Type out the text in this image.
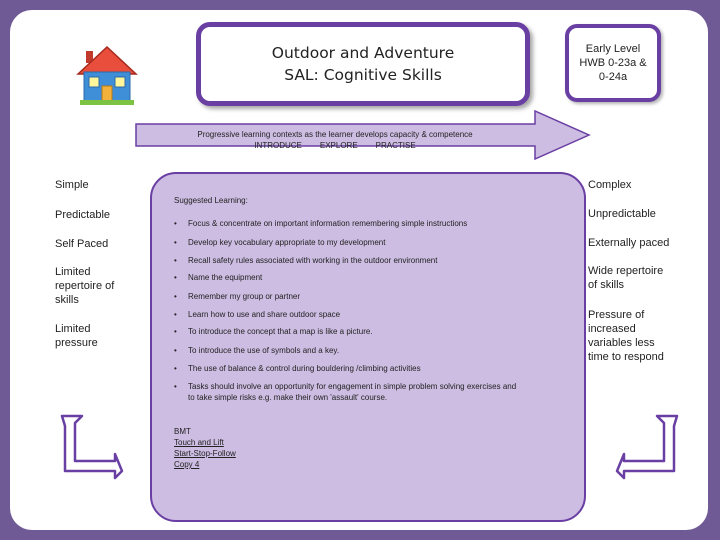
Outdoor and Adventure
SAL: Cognitive Skills
Early Level
HWB 0-23a &
0-24a
Progressive learning contexts as the learner develops capacity & competence
INTRODUCE EXPLORE PRACTISE
Simple
Predictable
Self Paced
Limited
repertoire of
skills
Limited
pressure
Complex
Unpredictable
Externally paced
Wide repertoire
of skills
Pressure of
increased
variables less
time to respond
Suggested Learning:
•	Focus & concentrate on important information remembering simple instructions
•	Develop key vocabulary appropriate to my development
•	Recall safety rules associated with working in the outdoor environment
•	Name the equipment
•	Remember my group or partner
•	Learn how to use and share outdoor space
•	To introduce the concept that a map is like a picture.
•	To introduce the use of symbols and a key.
•	The use of balance & control during bouldering /climbing activities
•	Tasks should involve an opportunity for engagement in simple problem solving exercises and to take simple risks e.g. make their own 'assault' course.
BMT
Touch and Lift
Start-Stop-Follow
Copy 4
